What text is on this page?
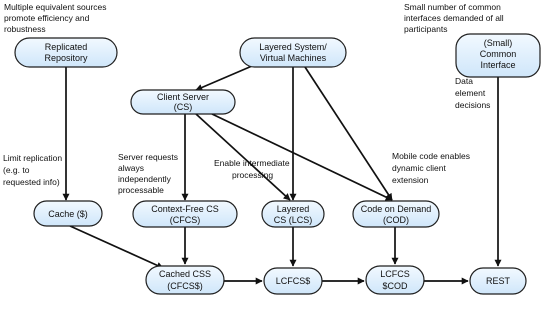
Replicated
Repository
Layered System/
Virtual Machines
(Small)
Common
Interface
Client Server
(CS)
Cache ($)	Context-Free CS
(CFCS)
Layered
CS (LCS)
Code on Demand
(COD)
Cached CSS
(CFCS$)	LCFCS$
LCFCS
$COD	REST
Multiple equivalent sources
promote efficiency and
robustness
Small number of common
interfaces demanded of all
participants
Data
element
decisions
Limit replication
(e.g. to
requested info)
Server requests
always
independently
processable
Enable intermediate
processing
Mobile code enables
dynamic client
extension
